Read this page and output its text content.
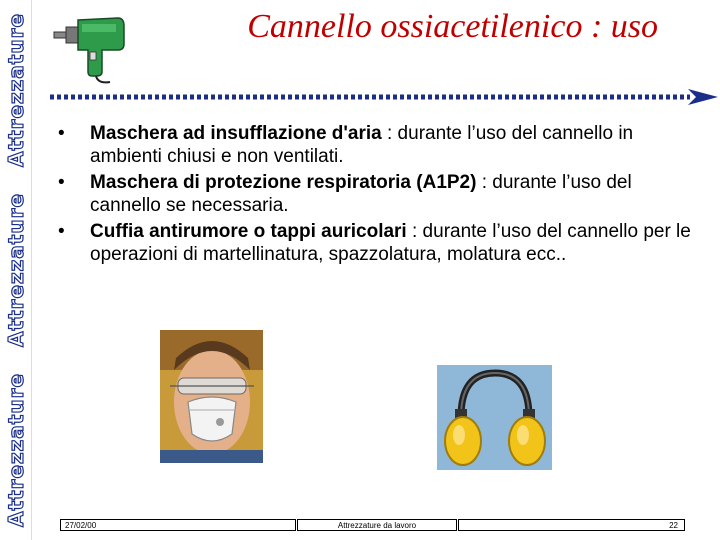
Attrezzature
Attrezzature
Attrezzature	Cannello ossiacetilenico : uso
• Maschera ad insufflazione d'aria : durante l’uso del cannello in ambienti chiusi e non ventilati.
• Maschera di protezione respiratoria (A1P2) : durante l’uso del cannello se necessaria.
• Cuffia antirumore o tappi auricolari : durante l’uso del cannello per le operazioni di martellinatura, spazzolatura, molatura ecc..
27/02/00	Attrezzature da lavoro	22
